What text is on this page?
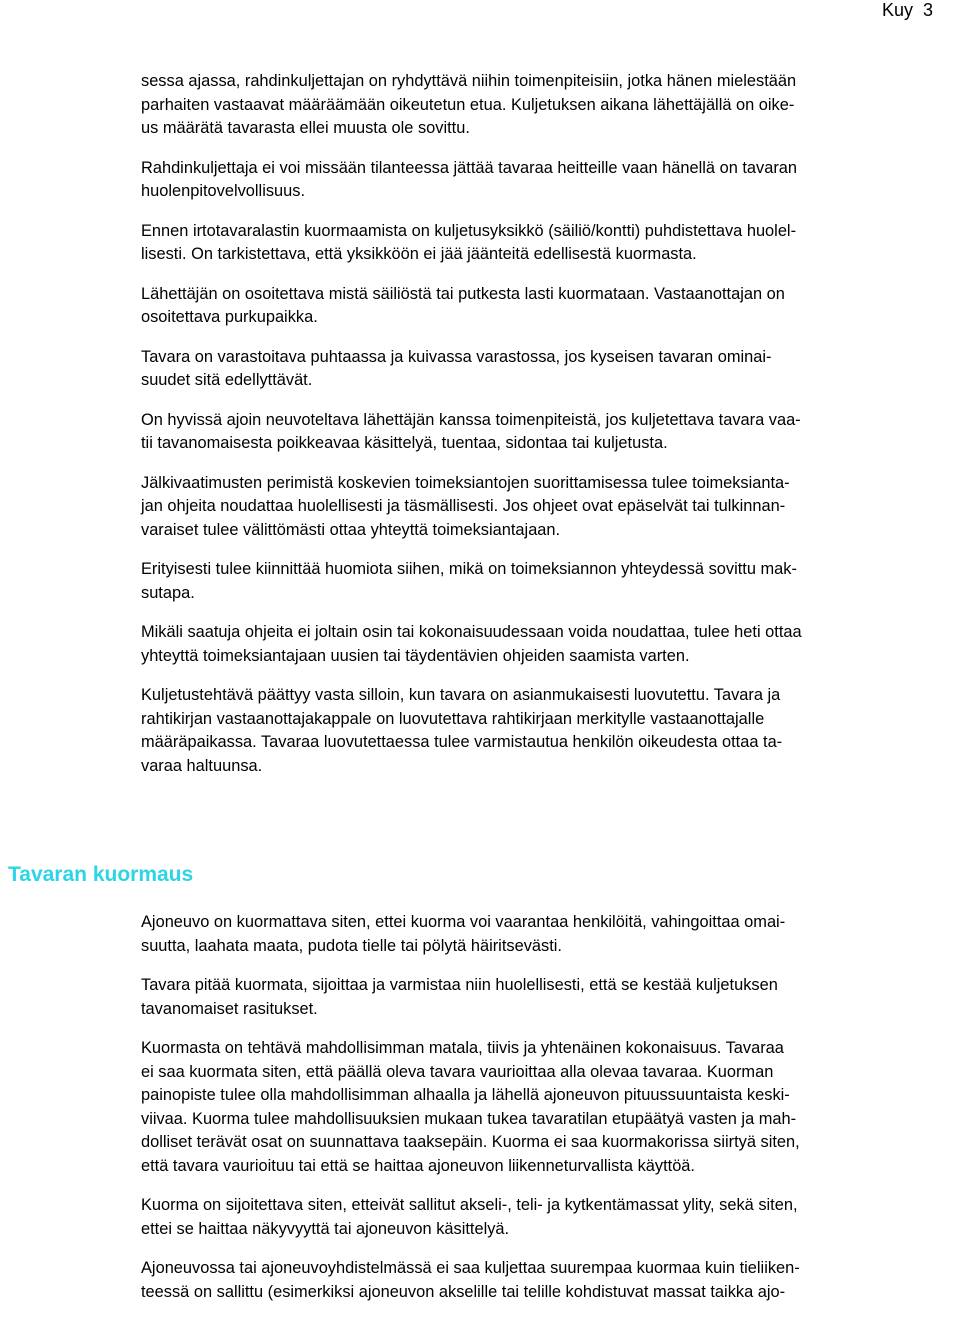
Kuy 3

sessa ajassa, rahdinkuljettajan on ryhdyttävä niihin toimenpiteisiin, jotka hänen mielestään
parhaiten vastaavat määräämään oikeutetun etua. Kuljetuksen aikana lähettäjällä on oike-
us määrätä tavarasta ellei muusta ole sovittu.

Rahdinkuljettaja ei voi missään tilanteessa jättää tavaraa heitteille vaan hänellä on tavaran
huolenpitovelvollisuus.

Ennen irtotavaralastin kuormaamista on kuljetusyksikkö (säiliö/kontti) puhdistettava huolel-
lisesti. On tarkistettava, että yksikköön ei jää jäänteitä edellisestä kuormasta.

Lähettäjän on osoitettava mistä säiliöstä tai putkesta lasti kuormataan. Vastaanottajan on
osoitettava purkupaikka.

Tavara on varastoitava puhtaassa ja kuivassa varastossa, jos kyseisen tavaran ominai-
suudet sitä edellyttävät.

On hyvissä ajoin neuvoteltava lähettäjän kanssa toimenpiteistä, jos kuljetettava tavara vaa-
tii tavanomaisesta poikkeavaa käsittelyä, tuentaa, sidontaa tai kuljetusta.

Jälkivaatimusten perimistä koskevien toimeksiantojen suorittamisessa tulee toimeksianta-
jan ohjeita noudattaa huolellisesti ja täsmällisesti. Jos ohjeet ovat epäselvät tai tulkinnan-
varaiset tulee välittömästi ottaa yhteyttä toimeksiantajaan.

Erityisesti tulee kiinnittää huomiota siihen, mikä on toimeksiannon yhteydessä sovittu mak-
sutapa.

Mikäli saatuja ohjeita ei joltain osin tai kokonaisuudessaan voida noudattaa, tulee heti ottaa
yhteyttä toimeksiantajaan uusien tai täydentävien ohjeiden saamista varten.

Kuljetustehtävä päättyy vasta silloin, kun tavara on asianmukaisesti luovutettu. Tavara ja
rahtikirjan vastaanottajakappale on luovutettava rahtikirjaan merkitylle vastaanottajalle
määräpaikassa. Tavaraa luovutettaessa tulee varmistautua henkilön oikeudesta ottaa ta-
varaa haltuunsa.

Tavaran kuormaus

Ajoneuvo on kuormattava siten, ettei kuorma voi vaarantaa henkilöitä, vahingoittaa omai-
suutta, laahata maata, pudota tielle tai pölytä häiritsevästi.

Tavara pitää kuormata, sijoittaa ja varmistaa niin huolellisesti, että se kestää kuljetuksen
tavanomaiset rasitukset.

Kuormasta on tehtävä mahdollisimman matala, tiivis ja yhtenäinen kokonaisuus. Tavaraa
ei saa kuormata siten, että päällä oleva tavara vaurioittaa alla olevaa tavaraa. Kuorman
painopiste tulee olla mahdollisimman alhaalla ja lähellä ajoneuvon pituussuuntaista keski-
viivaa. Kuorma tulee mahdollisuuksien mukaan tukea tavaratilan etupäätyä vasten ja mah-
dolliset terävät osat on suunnattava taaksepäin. Kuorma ei saa kuormakorissa siirtyä siten,
että tavara vaurioituu tai että se haittaa ajoneuvon liikenneturvallista käyttöä.

Kuorma on sijoitettava siten, etteivät sallitut akseli-, teli- ja kytkentämassat ylity, sekä siten,
ettei se haittaa näkyvyyttä tai ajoneuvon käsittelyä.

Ajoneuvossa tai ajoneuvoyhdistelmässä ei saa kuljettaa suurempaa kuormaa kuin tieliiken-
teessä on sallittu (esimerkiksi ajoneuvon akselille tai telille kohdistuvat massat taikka ajo-
